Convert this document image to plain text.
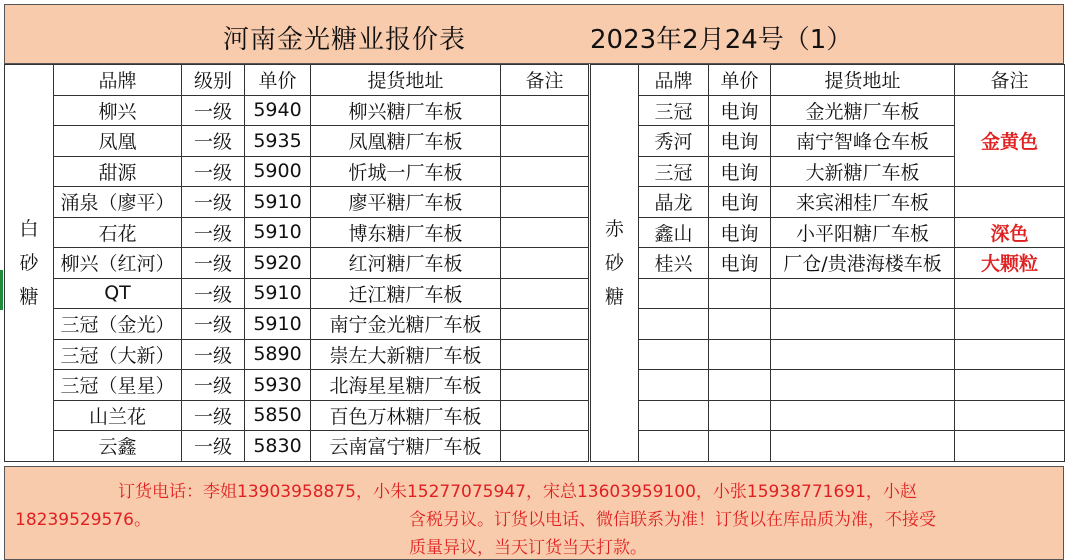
河南金光糖业报价表	2023年2月24号（1）
白
砂
糖	品牌	级别	单价	提货地址	备注
	柳兴	一级	5940	柳兴糖厂车板	
	凤凰	一级	5935	凤凰糖厂车板	
	甜源	一级	5900	忻城一厂车板	
	涌泉（廖平）	一级	5910	廖平糖厂车板	
	石花	一级	5910	博东糖厂车板	
	柳兴（红河）	一级	5920	红河糖厂车板	
	QT	一级	5910	迁江糖厂车板	
	三冠（金光）	一级	5910	南宁金光糖厂车板	
	三冠（大新）	一级	5890	崇左大新糖厂车板	
	三冠（星星）	一级	5930	北海星星糖厂车板	
	山兰花	一级	5850	百色万林糖厂车板	
	云鑫	一级	5830	云南富宁糖厂车板	
赤
砂
糖	品牌	单价	提货地址	备注
	三冠	电询	金光糖厂车板	金黄色
	秀河	电询	南宁智峰仓车板	
	三冠	电询	大新糖厂车板	
	晶龙	电询	来宾湘桂厂车板	
	鑫山	电询	小平阳糖厂车板	深色
	桂兴	电询	厂仓/贵港海楼车板	大颗粒

订货电话：李姐13903958875，小朱15277075947，宋总13603959100，小张15938771691，小赵
18239529576。	含税另议。订货以电话、微信联系为准！订货以在库品质为准，不接受
质量异议，当天订货当天打款。
